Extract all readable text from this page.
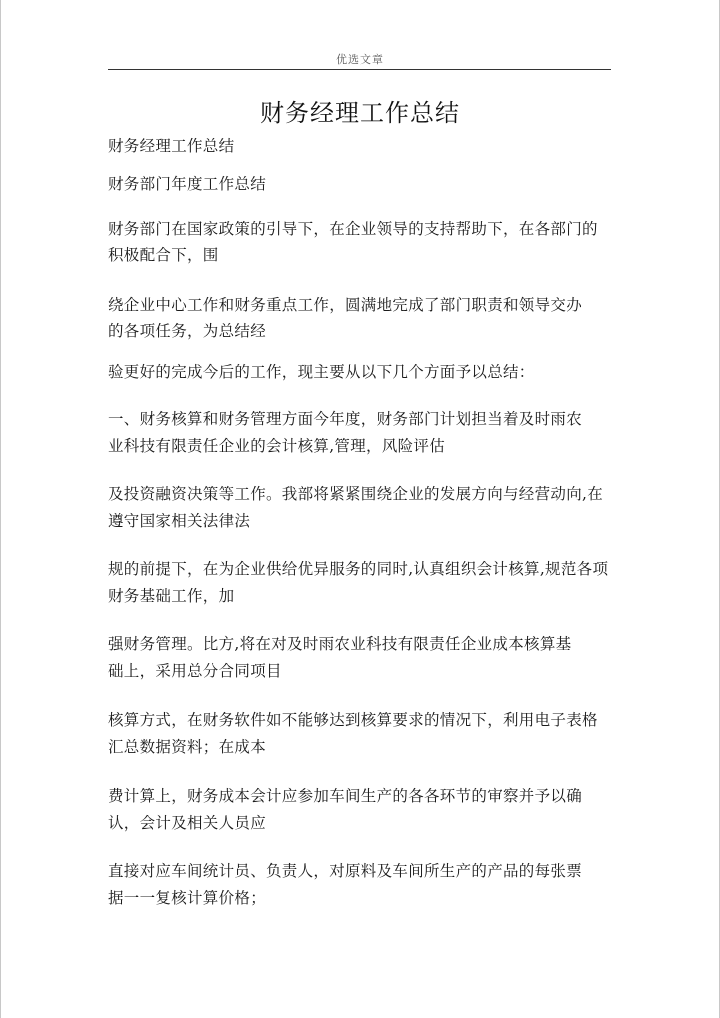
优选文章
财务经理工作总结
财务经理工作总结
财务部门年度工作总结
财务部门在国家政策的引导下，在企业领导的支持帮助下，在各部门的
积极配合下，围
绕企业中心工作和财务重点工作，圆满地完成了部门职责和领导交办
的各项任务，为总结经
验更好的完成今后的工作，现主要从以下几个方面予以总结：
一、财务核算和财务管理方面今年度，财务部门计划担当着及时雨农
业科技有限责任企业的会计核算,管理，风险评估
及投资融资决策等工作。我部将紧紧围绕企业的发展方向与经营动向,在
遵守国家相关法律法
规的前提下，在为企业供给优异服务的同时,认真组织会计核算,规范各项
财务基础工作，加
强财务管理。比方,将在对及时雨农业科技有限责任企业成本核算基
础上，采用总分合同项目
核算方式，在财务软件如不能够达到核算要求的情况下，利用电子表格
汇总数据资料；在成本
费计算上，财务成本会计应参加车间生产的各各环节的审察并予以确
认，会计及相关人员应
直接对应车间统计员、负责人，对原料及车间所生产的产品的每张票
据一一复核计算价格；
